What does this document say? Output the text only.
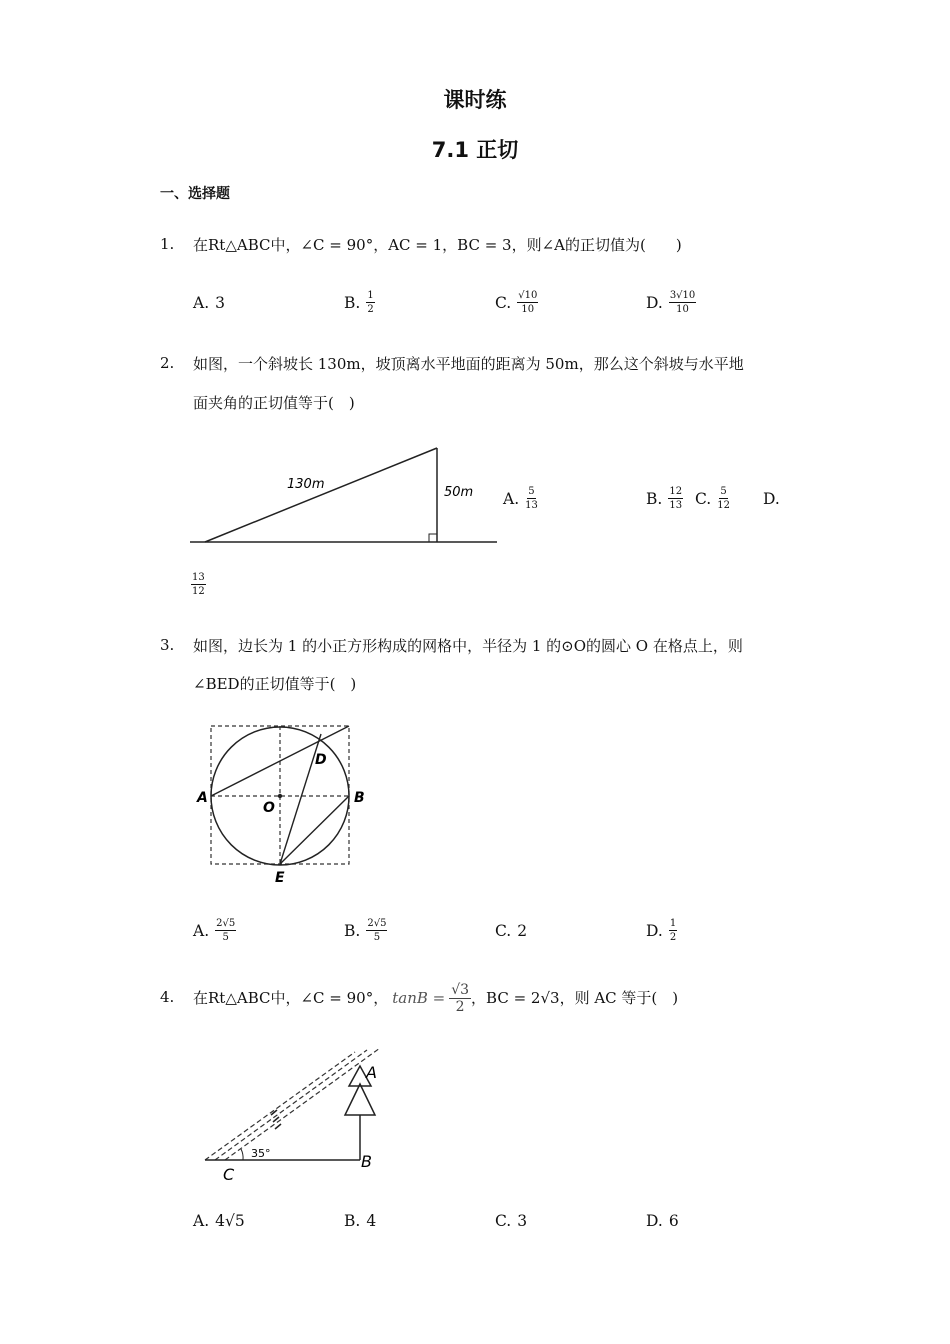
课时练
7.1 正切
一、选择题
1. 在Rt△ABC中，∠C = 90°，AC = 1，BC = 3，则∠A的正切值为(　　)
A. 3	B. $\frac{1}{2}$	C. $\frac{√10}{10}$	D. $\frac{3√10}{10}$
2. 如图，一个斜坡长 130m，坡顶离水平地面的距离为 50m，那么这个斜坡与水平地
面夹角的正切值等于(　)
130m
50m A. $\frac{5}{13}$	B. $\frac{12}{13} C$. $\frac{5}{12} D$.
$\frac{13}{12}$
3. 如图，边长为 1 的小正方形构成的网格中，半径为 1 的⊙O的圆心 O 在格点上，则
∠BED的正切值等于(　)
A	B
D
E
O
A. $\frac{2√5}{5}$	B. $\frac{2√5}{5}$	C. 2	D. $\frac{1}{2}$
4. 在Rt△ABC中，∠C = 90°， $\tan B = \frac{√3}{2}$ ，BC = 2√3，则 AC 等于(　)
35°
C
B
A
A. 4√5	B. 4	C. 3	D. 6
